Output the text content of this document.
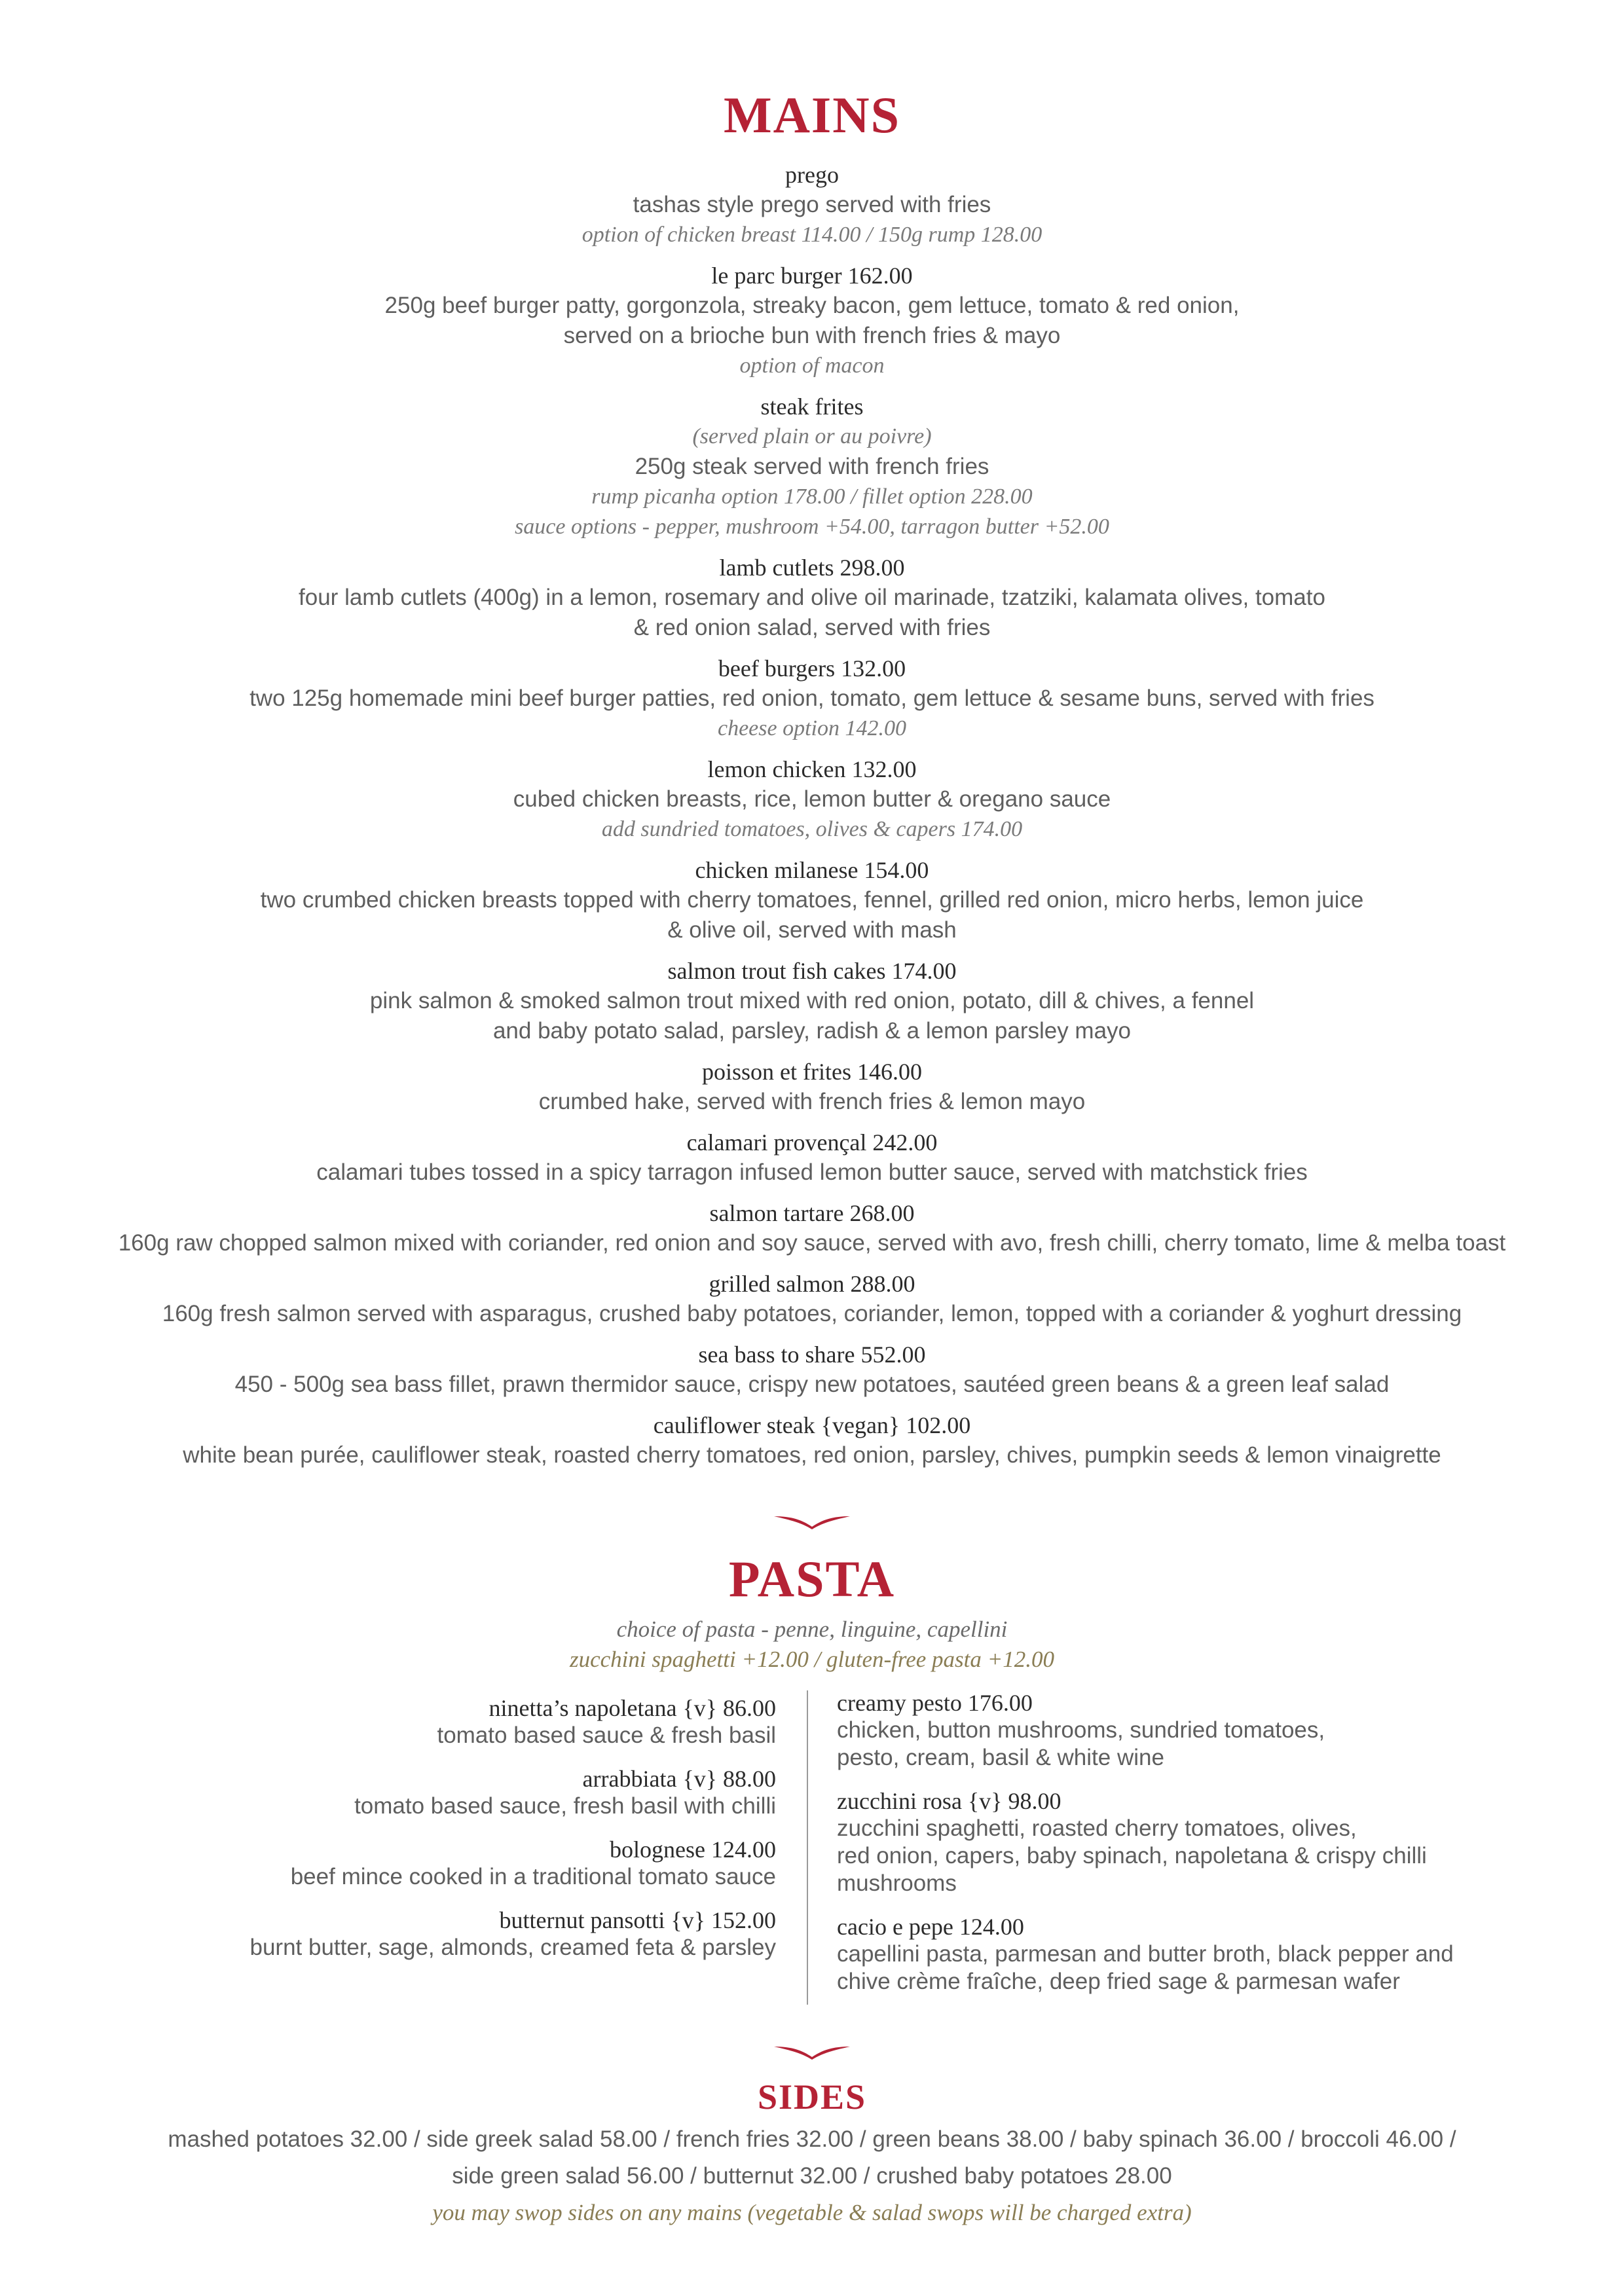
MAINS
prego
tashas style prego served with fries
option of chicken breast 114.00 / 150g rump 128.00
le parc burger 162.00
250g beef burger patty, gorgonzola, streaky bacon, gem lettuce, tomato & red onion,
served on a brioche bun with french fries & mayo
option of macon
steak frites
(served plain or au poivre)
250g steak served with french fries
rump picanha option 178.00 / fillet option 228.00
sauce options - pepper, mushroom +54.00, tarragon butter +52.00
lamb cutlets 298.00
four lamb cutlets (400g) in a lemon, rosemary and olive oil marinade, tzatziki, kalamata olives, tomato
& red onion salad, served with fries
beef burgers 132.00
two 125g homemade mini beef burger patties, red onion, tomato, gem lettuce & sesame buns, served with fries
cheese option 142.00
lemon chicken 132.00
cubed chicken breasts, rice, lemon butter & oregano sauce
add sundried tomatoes, olives & capers 174.00
chicken milanese 154.00
two crumbed chicken breasts topped with cherry tomatoes, fennel, grilled red onion, micro herbs, lemon juice
& olive oil, served with mash
salmon trout fish cakes 174.00
pink salmon & smoked salmon trout mixed with red onion, potato, dill & chives, a fennel
and baby potato salad, parsley, radish & a lemon parsley mayo
poisson et frites 146.00
crumbed hake, served with french fries & lemon mayo
calamari provençal 242.00
calamari tubes tossed in a spicy tarragon infused lemon butter sauce, served with matchstick fries
salmon tartare 268.00
160g raw chopped salmon mixed with coriander, red onion and soy sauce, served with avo, fresh chilli, cherry tomato, lime & melba toast
grilled salmon 288.00
160g fresh salmon served with asparagus, crushed baby potatoes, coriander, lemon, topped with a coriander & yoghurt dressing
sea bass to share 552.00
450 - 500g sea bass fillet, prawn thermidor sauce, crispy new potatoes, sautéed green beans & a green leaf salad
cauliflower steak {vegan} 102.00
white bean purée, cauliflower steak, roasted cherry tomatoes, red onion, parsley, chives, pumpkin seeds & lemon vinaigrette
PASTA
choice of pasta - penne, linguine, capellini
zucchini spaghetti +12.00 / gluten-free pasta +12.00
ninetta’s napoletana {v} 86.00
tomato based sauce & fresh basil
arrabbiata {v} 88.00
tomato based sauce, fresh basil with chilli
bolognese 124.00
beef mince cooked in a traditional tomato sauce
butternut pansotti {v} 152.00
burnt butter, sage, almonds, creamed feta & parsley
creamy pesto 176.00
chicken, button mushrooms, sundried tomatoes,
pesto, cream, basil & white wine
zucchini rosa {v} 98.00
zucchini spaghetti, roasted cherry tomatoes, olives,
red onion, capers, baby spinach, napoletana & crispy chilli
mushrooms
cacio e pepe 124.00
capellini pasta, parmesan and butter broth, black pepper and
chive crème fraîche, deep fried sage & parmesan wafer
SIDES
mashed potatoes 32.00 / side greek salad 58.00 / french fries 32.00 / green beans 38.00 / baby spinach 36.00 / broccoli 46.00 /
side green salad 56.00 / butternut 32.00 / crushed baby potatoes 28.00
you may swop sides on any mains (vegetable & salad swops will be charged extra)
